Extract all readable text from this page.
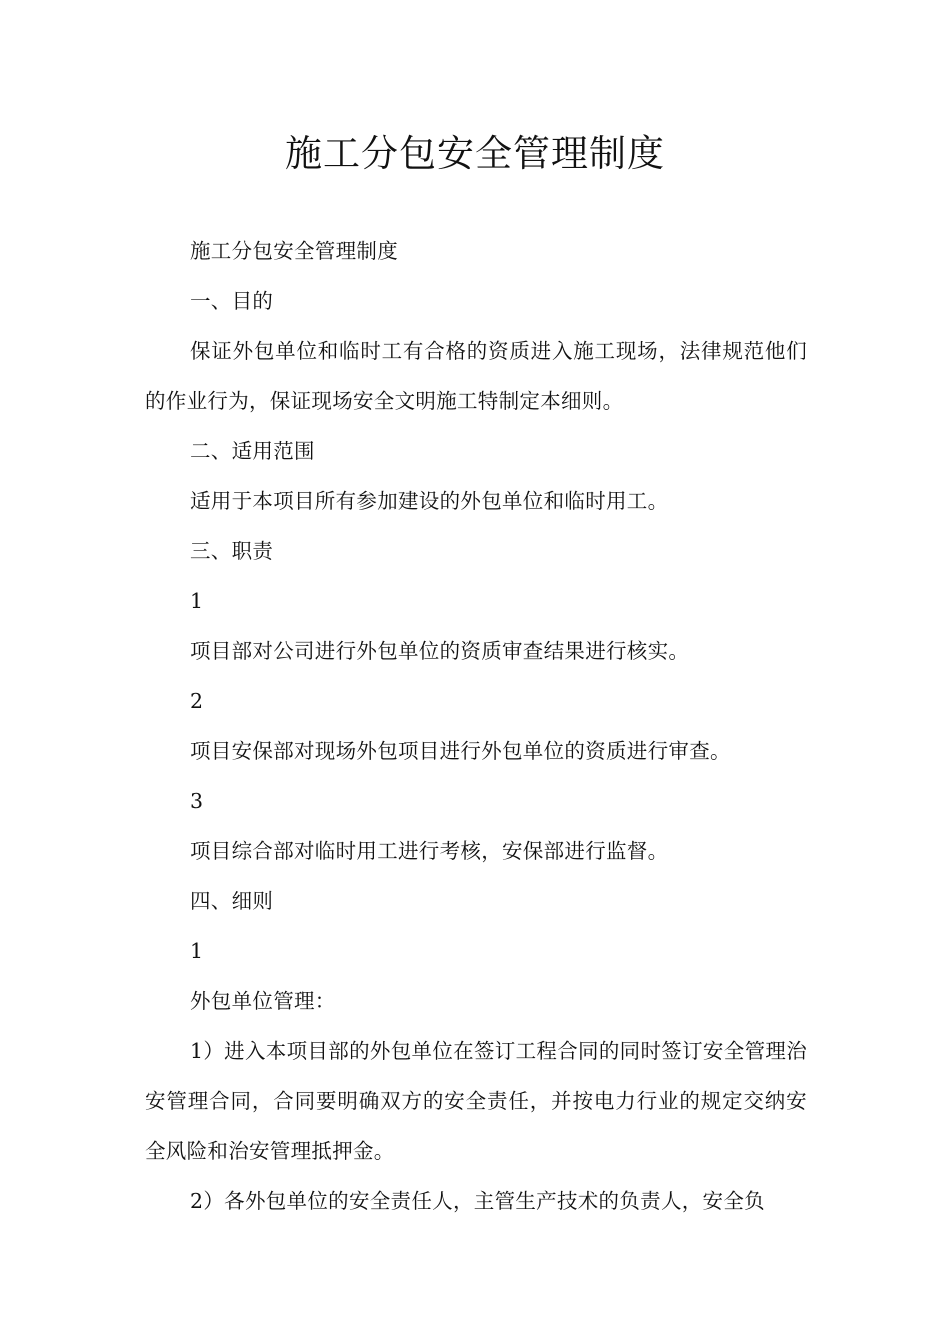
施工分包安全管理制度

施工分包安全管理制度

一、目的

保证外包单位和临时工有合格的资质进入施工现场，法律规范他们的作业行为，保证现场安全文明施工特制定本细则。

二、适用范围

适用于本项目所有参加建设的外包单位和临时用工。

三、职责

1

项目部对公司进行外包单位的资质审查结果进行核实。

2

项目安保部对现场外包项目进行外包单位的资质进行审查。

3

项目综合部对临时用工进行考核，安保部进行监督。

四、细则

1

外包单位管理：

1）进入本项目部的外包单位在签订工程合同的同时签订安全管理治安管理合同，合同要明确双方的安全责任，并按电力行业的规定交纳安全风险和治安管理抵押金。

2）各外包单位的安全责任人，主管生产技术的负责人，安全负
